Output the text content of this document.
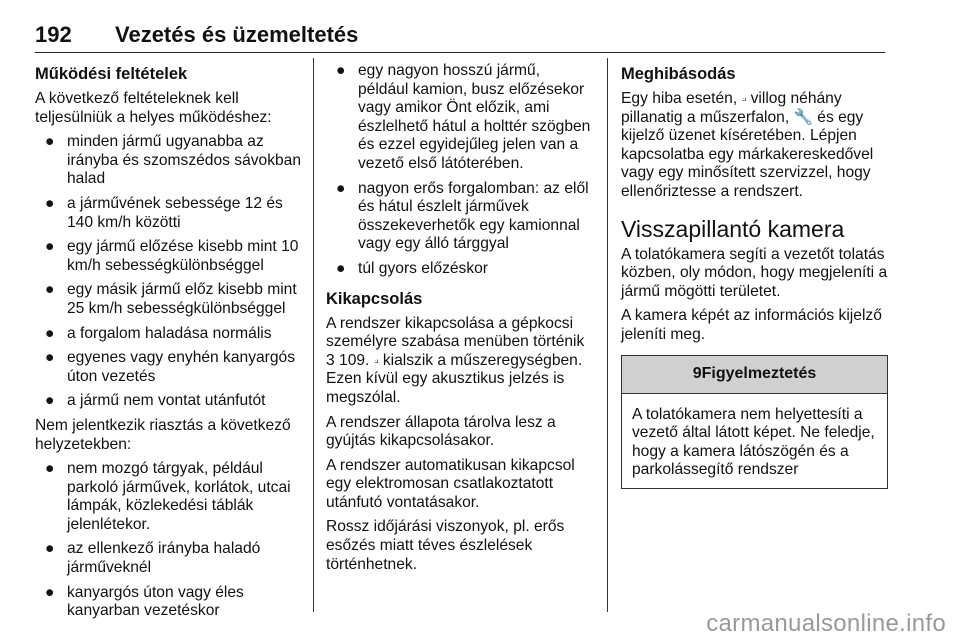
192 Vezetés és üzemeltetés
Működési feltételek

A következő feltételeknek kell teljesülniük a helyes működéshez:

● minden jármű ugyanabba az irányba és szomszédos sávokban halad
● a járművének sebessége 12 és 140 km/h közötti
● egy jármű előzése kisebb mint 10 km/h sebességkülönbséggel
● egy másik jármű előz kisebb mint 25 km/h sebességkülönbséggel
● a forgalom haladása normális
● egyenes vagy enyhén kanyargós úton vezetés
● a jármű nem vontat utánfutót

Nem jelentkezik riasztás a következő helyzetekben:

● nem mozgó tárgyak, például parkoló járművek, korlátok, utcai lámpák, közlekedési táblák jelenlétekor.
● az ellenkező irányba haladó járműveknél
● kanyargós úton vagy éles kanyarban vezetéskor
● egy nagyon hosszú jármű, például kamion, busz előzésekor vagy amikor Önt előzik, ami észlelhető hátul a holttér szögben és ezzel egyidejűleg jelen van a vezető első látóterében.
● nagyon erős forgalomban: az elől és hátul észlelt járművek összekeverhetők egy kamionnal vagy egy álló tárggyal
● túl gyors előzéskor
Kikapcsolás

A rendszer kikapcsolása a gépkocsi személyre szabása menüben történik 3 109. ⟓ kialszik a műszeregységben. Ezen kívül egy akusztikus jelzés is megszólal.

A rendszer állapota tárolva lesz a gyújtás kikapcsolásakor.

A rendszer automatikusan kikapcsol egy elektromosan csatlakoztatott utánfutó vontatásakor.

Rossz időjárási viszonyok, pl. erős esőzés miatt téves észlelések történhetnek.

Meghibásodás

Egy hiba esetén, ⟓ villog néhány pillanatig a műszerfalon, 🔧 és egy kijelző üzenet kíséretében. Lépjen kapcsolatba egy márkakereskedővel vagy egy minősített szervizzel, hogy ellenőriztesse a rendszert.

Visszapillantó kamera

A tolatókamera segíti a vezetőt tolatás közben, oly módon, hogy megjeleníti a jármű mögötti területet.

A kamera képét az információs kijelző jeleníti meg.

9 Figyelmeztetés
A tolatókamera nem helyettesíti a vezető által látott képet. Ne feledje, hogy a kamera látószögén és a parkolássegítő rendszer
carmanualsonline.info
